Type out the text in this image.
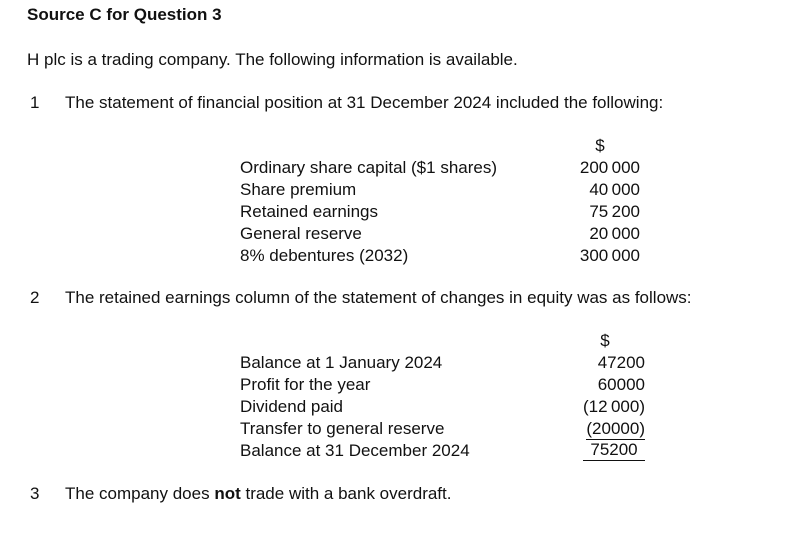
Source C for Question 3
H plc is a trading company. The following information is available.
1 The statement of financial position at 31 December 2024 included the following:
$
Ordinary share capital ($1 shares)	200 000
Share premium	40 000
Retained earnings	75 200
General reserve	20 000
8% debentures (2032)	300 000
2 The retained earnings column of the statement of changes in equity was as follows:
$
Balance at 1 January 2024	47200
Profit for the year	60000
Dividend paid	(12 000)
Transfer to general reserve	(20000)
Balance at 31 December 2024	75200
3 The company does not trade with a bank overdraft.
